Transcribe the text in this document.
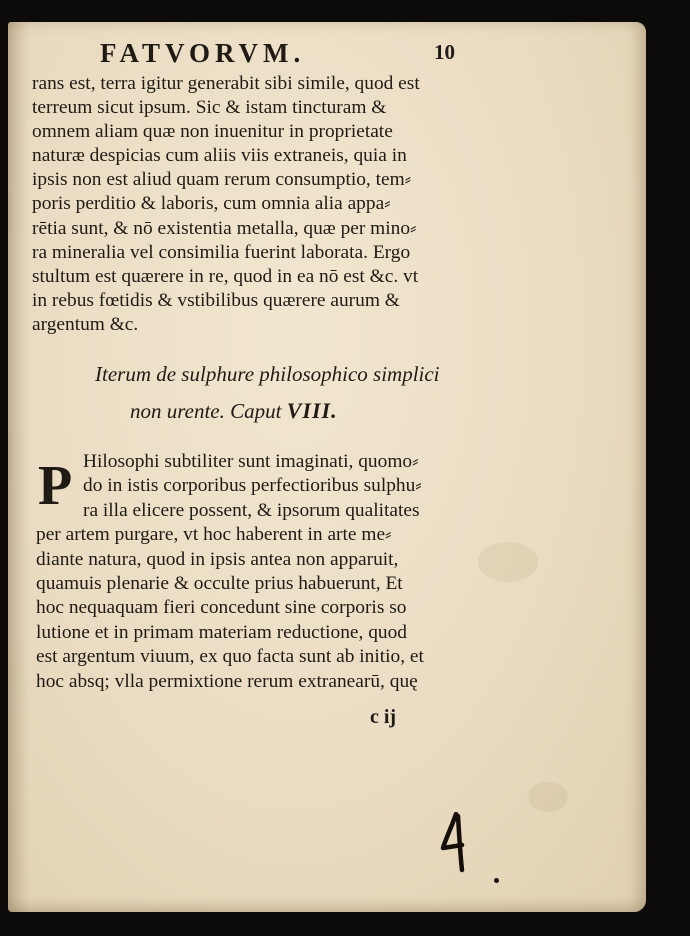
FATVORVM.	10
rans est, terra igitur generabit sibi simile, quod est
terreum sicut ipsum. Sic & istam tincturam &
omnem aliam quæ non inuenitur in proprietate
naturæ despicias cum aliis viis extraneis, quia in
ipsis non est aliud quam rerum consumptio, tem⸗
poris perditio & laboris, cum omnia alia appa⸗
rētia sunt, & nō existentia metalla, quæ per mino⸗
ra mineralia vel consimilia fuerint laborata. Ergo
stultum est quærere in re, quod in ea nō est &c. vt
in rebus fœtidis & vstibilibus quærere aurum &
argentum &c.
Iterum de sulphure philosophico simplici
non urente. Caput VIII.
P Hilosophi subtiliter sunt imaginati, quomo⸗
do in istis corporibus perfectioribus sulphu⸗
ra illa elicere possent, & ipsorum qualitates
per artem purgare, vt hoc haberent in arte me⸗
diante natura, quod in ipsis antea non apparuit,
quamuis plenarie & occulte prius habuerunt, Et
hoc nequaquam fieri concedunt sine corporis so
lutione et in primam materiam reductione, quod
est argentum viuum, ex quo facta sunt ab initio, et
hoc absq; vlla permixtione rerum extranearū, quę
c ij
